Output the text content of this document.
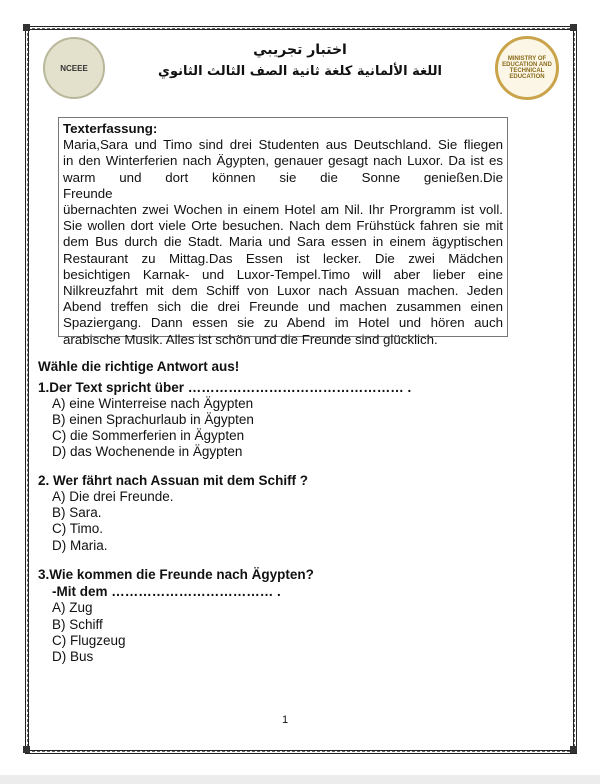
NCEEE
MINISTRY OF EDUCATION AND TECHNICAL EDUCATION
اختبار تجريبي
اللغة الألمانية كلغة ثانية الصف الثالث الثانوي
Texterfassung:
Maria,Sara und Timo sind drei Studenten aus Deutschland. Sie fliegen
in den Winterferien nach Ägypten, genauer gesagt nach Luxor. Da ist es
warm und dort können sie die Sonne genießen.Die Freunde
übernachten zwei Wochen in einem Hotel am Nil. Ihr Prorgramm ist voll.
Sie wollen dort viele Orte besuchen. Nach dem Frühstück fahren sie mit
dem Bus durch die Stadt. Maria und Sara essen in einem ägyptischen
Restaurant zu Mittag.Das Essen ist lecker. Die zwei Mädchen
besichtigen Karnak- und Luxor-Tempel.Timo will aber lieber eine
Nilkreuzfahrt mit dem Schiff von Luxor nach Assuan machen. Jeden
Abend treffen sich die drei Freunde und machen zusammen einen
Spaziergang. Dann essen sie zu Abend im Hotel und hören auch
arabische Musik. Alles ist schön und die Freunde sind glücklich.
Wähle die richtige Antwort aus!
1.Der Text spricht über ………………………………………… .
A) eine Winterreise nach Ägypten
B) einen Sprachurlaub in Ägypten
C) die Sommerferien in Ägypten
D) das Wochenende in Ägypten
2. Wer fährt nach Assuan mit dem Schiff ?
A) Die drei Freunde.
B) Sara.
C) Timo.
D) Maria.
3.Wie kommen die Freunde nach Ägypten?
-Mit dem ……………………………… .
A) Zug
B) Schiff
C) Flugzeug
D) Bus
1
